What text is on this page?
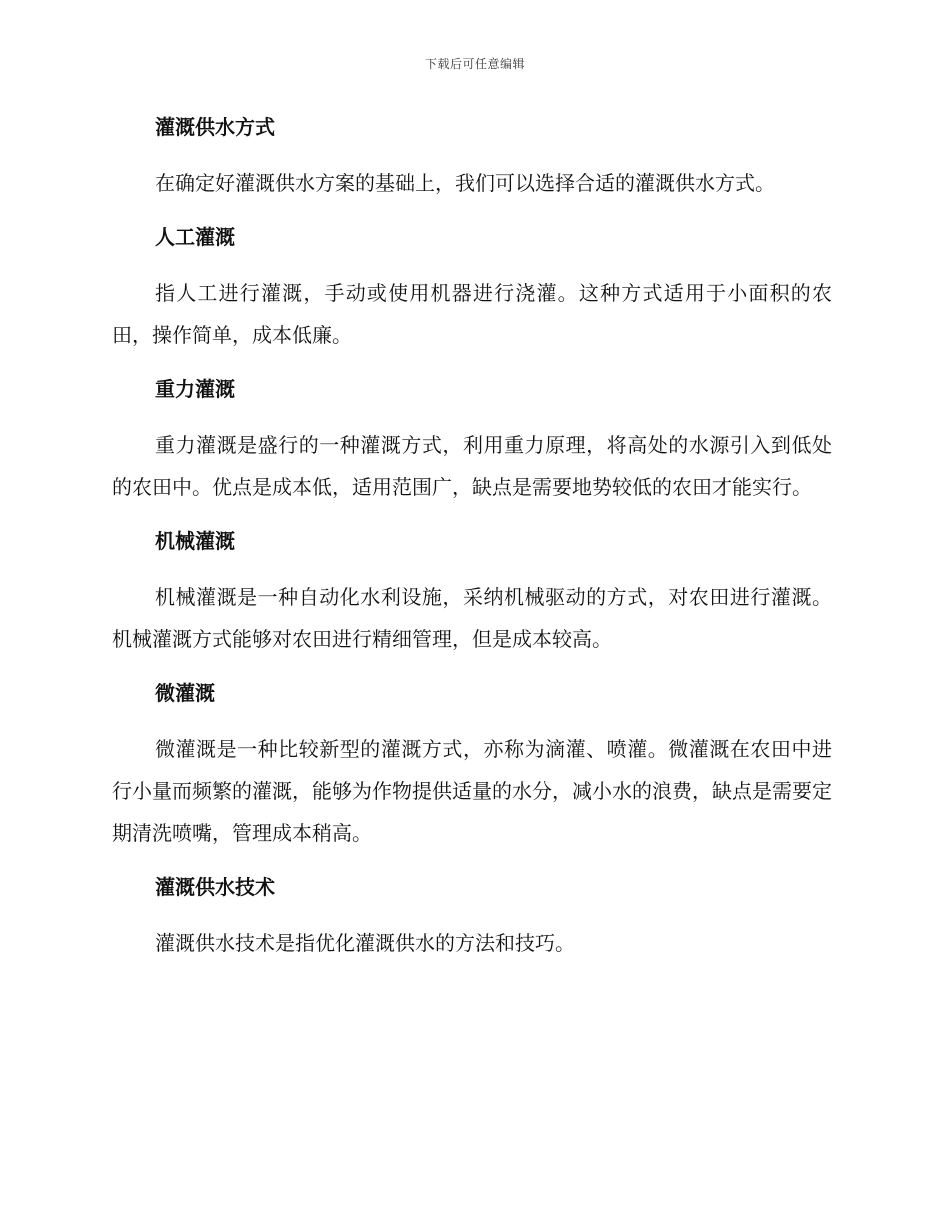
下载后可任意编辑
灌溉供水方式

在确定好灌溉供水方案的基础上，我们可以选择合适的灌溉供水方式。

人工灌溉

指人工进行灌溉，手动或使用机器进行浇灌。这种方式适用于小面积的农田，操作简单，成本低廉。

重力灌溉

重力灌溉是盛行的一种灌溉方式，利用重力原理，将高处的水源引入到低处的农田中。优点是成本低，适用范围广，缺点是需要地势较低的农田才能实行。

机械灌溉

机械灌溉是一种自动化水利设施，采纳机械驱动的方式，对农田进行灌溉。机械灌溉方式能够对农田进行精细管理，但是成本较高。

微灌溉

微灌溉是一种比较新型的灌溉方式，亦称为滴灌、喷灌。微灌溉在农田中进行小量而频繁的灌溉，能够为作物提供适量的水分，减小水的浪费，缺点是需要定期清洗喷嘴，管理成本稍高。

灌溉供水技术

灌溉供水技术是指优化灌溉供水的方法和技巧。
